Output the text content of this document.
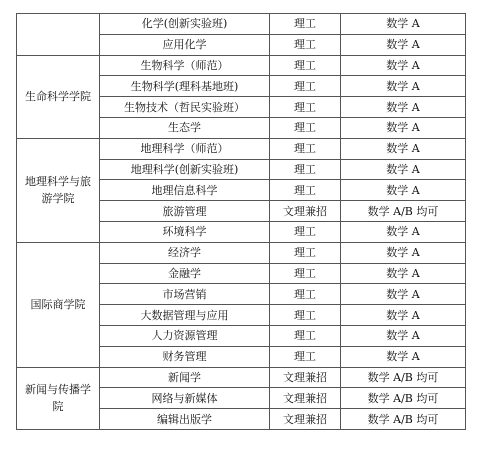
	化学(创新实验班)	理工	数学 A
	应用化学	理工	数学 A
生命科学学院	生物科学（师范）	理工	数学 A
	生物科学(理科基地班)	理工	数学 A
	生物技术（哲民实验班）	理工	数学 A
	生态学	理工	数学 A
地理科学与旅游学院	地理科学（师范）	理工	数学 A
	地理科学(创新实验班)	理工	数学 A
	地理信息科学	理工	数学 A
	旅游管理	文理兼招	数学 A/B 均可
	环境科学	理工	数学 A
国际商学院	经济学	理工	数学 A
	金融学	理工	数学 A
	市场营销	理工	数学 A
	大数据管理与应用	理工	数学 A
	人力资源管理	理工	数学 A
	财务管理	理工	数学 A
新闻与传播学院	新闻学	文理兼招	数学 A/B 均可
	网络与新媒体	文理兼招	数学 A/B 均可
	编辑出版学	文理兼招	数学 A/B 均可
